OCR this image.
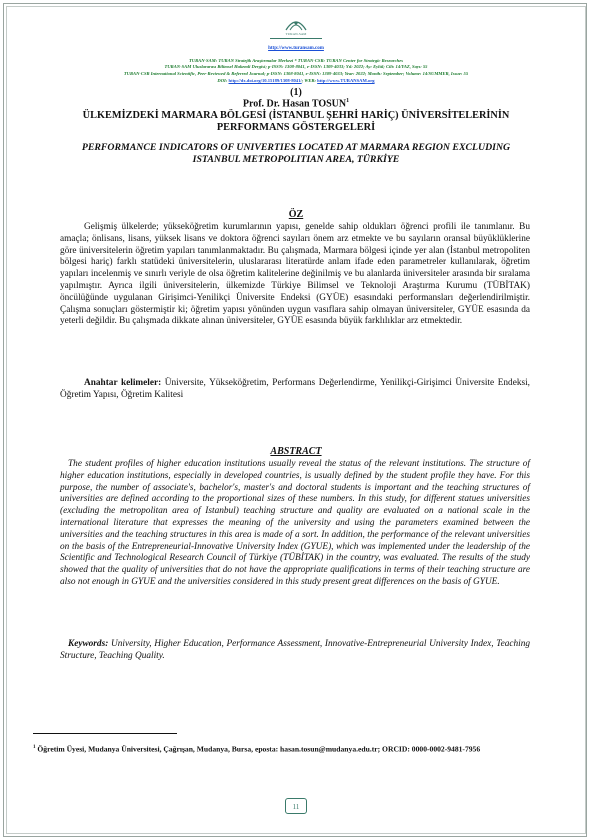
TURAN-SAM
http://www.turansam.com
TURAN-SAM: TURAN Stratejik Araştırmalar Merkezi * TURAN-CSR: TURAN Center for Strategic Researches
TURAN-SAM Uluslararası Bilimsel Hakemli Dergisi; p-ISSN: 1308-8041, e-ISSN: 1309-4033; Yıl: 2022; Ay: Eylül; Cilt: 14/YAZ, Sayı: 55
TURAN-CSR International Scientific, Peer-Reviewed & Referred Journal; p-ISSN: 1308-8041, e-ISSN: 1309-4033; Year: 2022; Month: September; Volume: 14/SUMMER, Issue: 55
DOI: http://dx.doi.org/10.15189/1308-8041/; WEB: http://www.TURANSAM.org
(1)
Prof. Dr. Hasan TOSUN$^1$
ÜLKEMİZDEKİ MARMARA BÖLGESİ (İSTANBUL ŞEHRİ HARİÇ) ÜNİVERSİTELERİNİN PERFORMANS GÖSTERGELERİ
PERFORMANCE INDICATORS OF UNIVERTIES LOCATED AT MARMARA REGION EXCLUDING ISTANBUL METROPOLITIAN AREA, TÜRKİYE
ÖZ
Gelişmiş ülkelerde; yükseköğretim kurumlarının yapısı, genelde sahip oldukları öğrenci profili ile tanımlanır. Bu amaçla; önlisans, lisans, yüksek lisans ve doktora öğrenci sayıları önem arz etmekte ve bu sayıların oransal büyüklüklerine göre üniversitelerin öğretim yapıları tanımlanmaktadır. Bu çalışmada, Marmara bölgesi içinde yer alan (İstanbul metropoliten bölgesi hariç) farklı statüdeki üniversitelerin, uluslararası literatürde anlam ifade eden parametreler kullanılarak, öğretim yapıları incelenmiş ve sınırlı veriyle de olsa öğretim kalitelerine değinilmiş ve bu alanlarda üniversiteler arasında bir sıralama yapılmıştır. Ayrıca ilgili üniversitelerin, ülkemizde Türkiye Bilimsel ve Teknoloji Araştırma Kurumu (TÜBİTAK) öncülüğünde uygulanan Girişimci-Yenilikçi Üniversite Endeksi (GYÜE) esasındaki performansları değerlendirilmiştir. Çalışma sonuçları göstermiştir ki; öğretim yapısı yönünden uygun vasıflara sahip olmayan üniversiteler, GYÜE esasında da yeterli değildir. Bu çalışmada dikkate alınan üniversiteler, GYÜE esasında büyük farklılıklar arz etmektedir.
Anahtar kelimeler: Üniversite, Yükseköğretim, Performans Değerlendirme, Yenilikçi-Girişimci Üniversite Endeksi, Öğretim Yapısı, Öğretim Kalitesi
ABSTRACT
The student profiles of higher education institutions usually reveal the status of the relevant institutions. The structure of higher education institutions, especially in developed countries, is usually defined by the student profile they have. For this purpose, the number of associate's, bachelor's, master's and doctoral students is important and the teaching structures of universities are defined according to the proportional sizes of these numbers. In this study, for different statues universities (excluding the metropolitan area of Istanbul) teaching structure and quality are evaluated on a national scale in the international literature that expresses the meaning of the university and using the parameters examined between the universities and the teaching structures in this area is made of a sort. In addition, the performance of the relevant universities on the basis of the Entrepreneurial-Innovative University Index (GYUE), which was implemented under the leadership of the Scientific and Technological Research Council of Türkiye (TÜBİTAK) in the country, was evaluated. The results of the study showed that the quality of universities that do not have the appropriate qualifications in terms of their teaching structure are also not enough in GYUE and the universities considered in this study present great differences on the basis of GYUE.
Keywords: University, Higher Education, Performance Assessment, Innovative-Entrepreneurial University Index, Teaching Structure, Teaching Quality.
$^1$ Öğretim Üyesi, Mudanya Üniversitesi, Çağrışan, Mudanya, Bursa, eposta: hasan.tosun@mudanya.edu.tr; ORCID: 0000-0002-9481-7956
11
